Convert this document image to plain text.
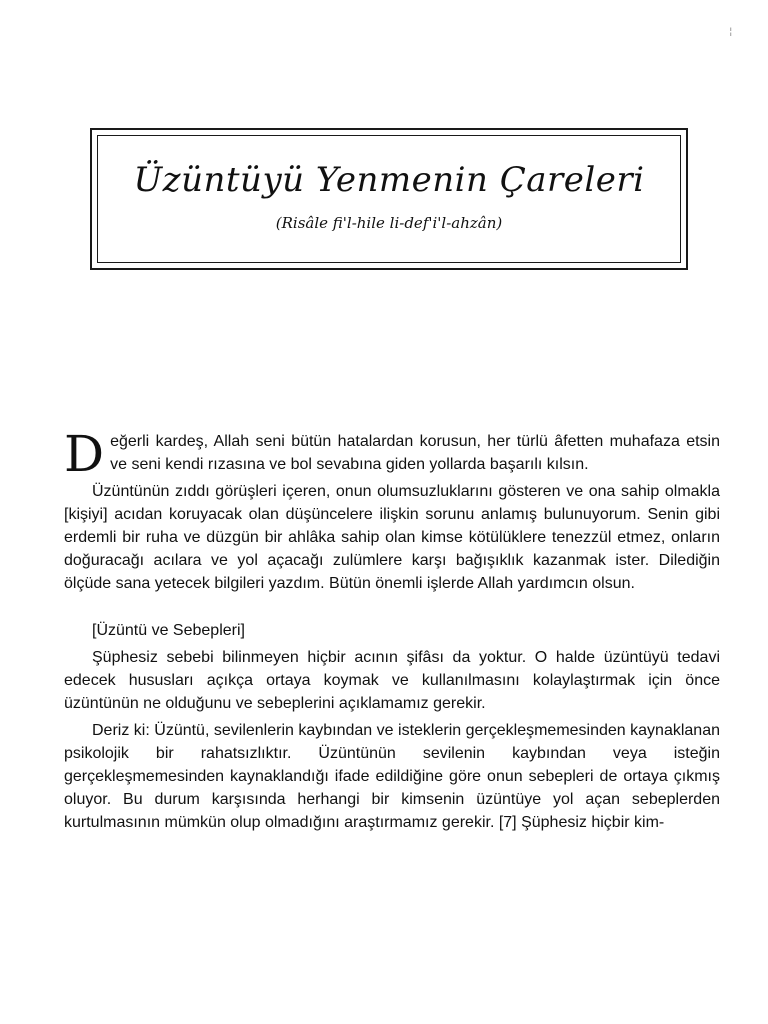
¦
Üzüntüyü Yenmenin Çareleri
(Risâle fi'l-hile li-def'i'l-ahzân)

Değerli kardeş, Allah seni bütün hatalardan korusun, her türlü âfetten muhafaza etsin ve seni kendi rızasına ve bol sevabına giden yollarda başarılı kılsın.

Üzüntünün zıddı görüşleri içeren, onun olumsuzluklarını gösteren ve ona sahip olmakla [kişiyi] acıdan koruyacak olan düşüncelere ilişkin sorunu anlamış bulunuyorum. Senin gibi erdemli bir ruha ve düzgün bir ahlâka sahip olan kimse kötülüklere tenezzül etmez, onların doğuracağı acılara ve yol açacağı zulümlere karşı bağışıklık kazanmak ister. Dilediğin ölçüde sana yetecek bilgileri yazdım. Bütün önemli işlerde Allah yardımcın olsun.

[Üzüntü ve Sebepleri]

Şüphesiz sebebi bilinmeyen hiçbir acının şifâsı da yoktur. O halde üzüntüyü tedavi edecek hususları açıkça ortaya koymak ve kullanılmasını kolaylaştırmak için önce üzüntünün ne olduğunu ve sebeplerini açıklamamız gerekir.

Deriz ki: Üzüntü, sevilenlerin kaybından ve isteklerin gerçekleşmemesinden kaynaklanan psikolojik bir rahatsızlıktır. Üzüntünün sevilenin kaybından veya isteğin gerçekleşmemesinden kaynaklandığı ifade edildiğine göre onun sebepleri de ortaya çıkmış oluyor. Bu durum karşısında herhangi bir kimsenin üzüntüye yol açan sebeplerden kurtulmasının mümkün olup olmadığını araştırmamız gerekir. [7] Şüphesiz hiçbir kim-
